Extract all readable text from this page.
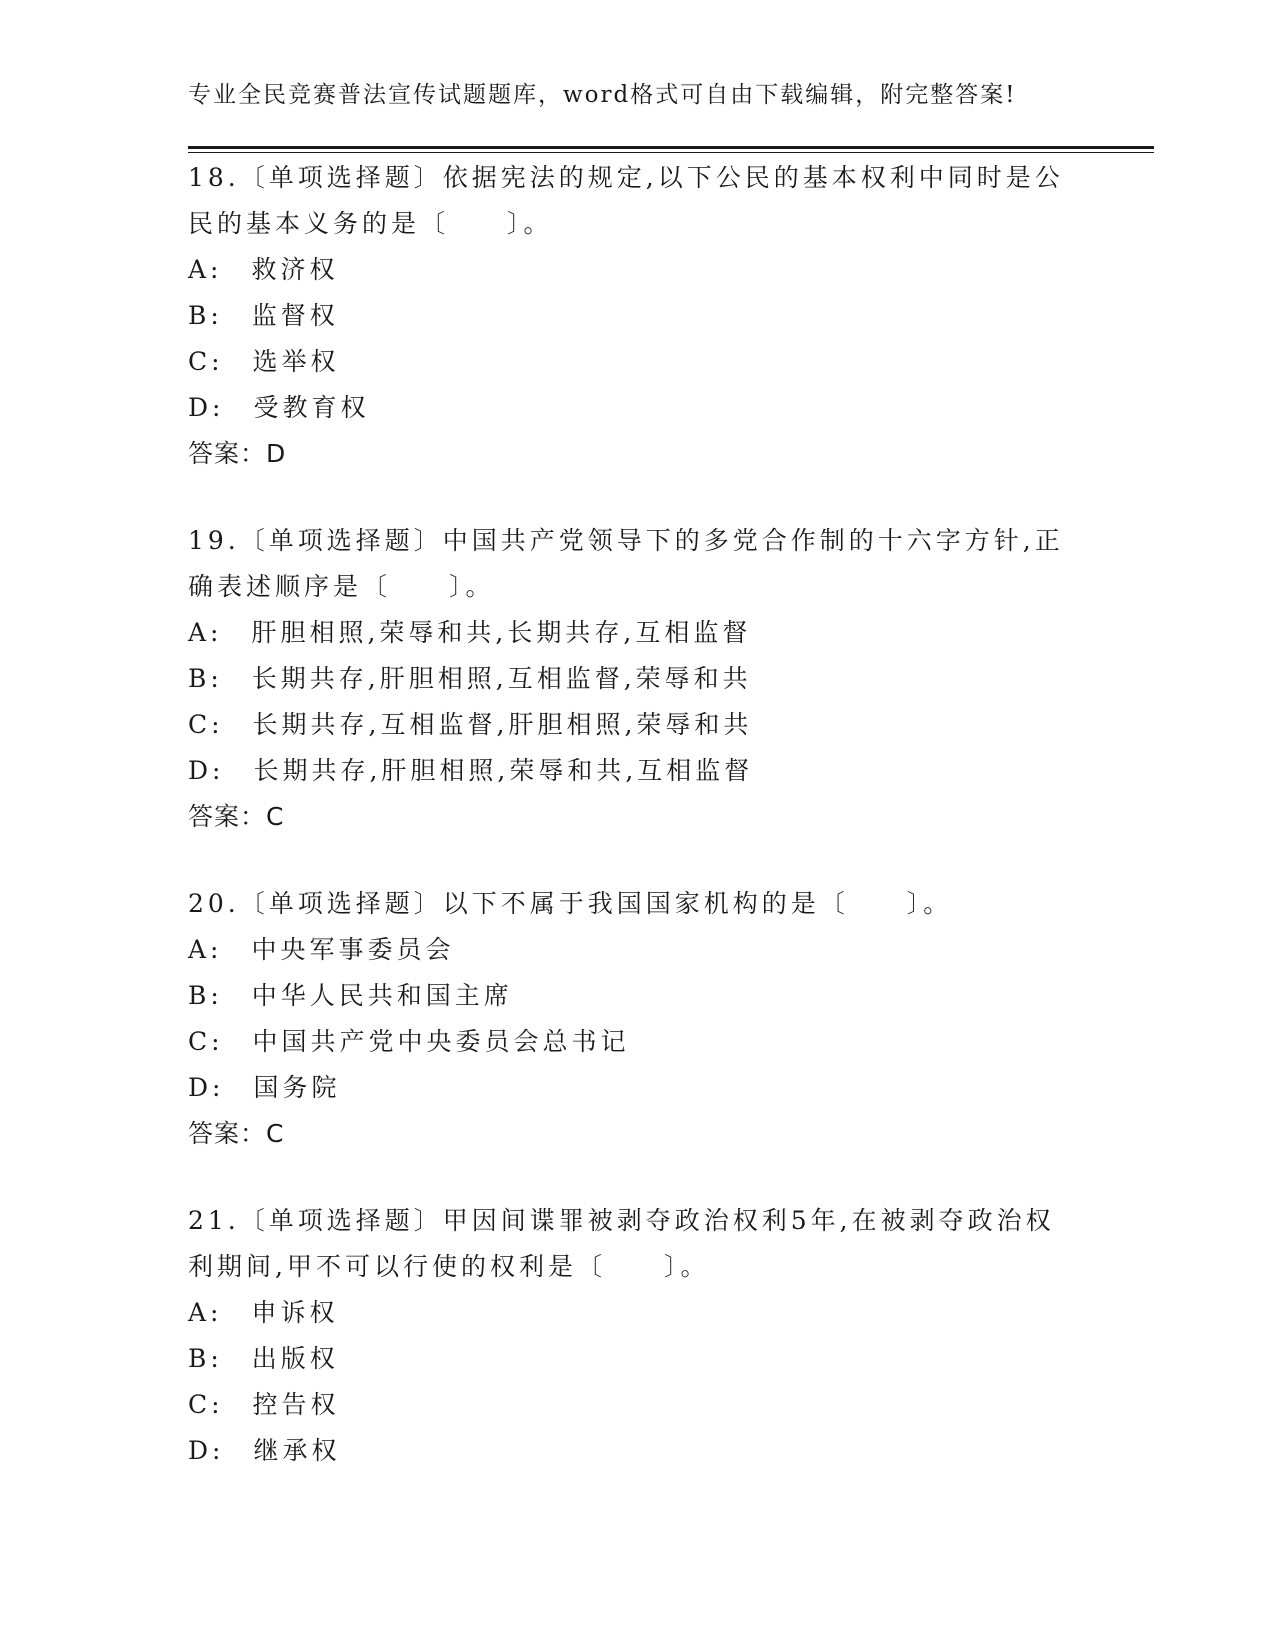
专业全民竞赛普法宣传试题题库，word格式可自由下载编辑，附完整答案!
18.〔单项选择题〕依据宪法的规定,以下公民的基本权利中同时是公
民的基本义务的是〔　　〕。
A:　救济权
B:　监督权
C:　选举权
D:　受教育权
答案：D
19.〔单项选择题〕中国共产党领导下的多党合作制的十六字方针,正
确表述顺序是〔　　〕。
A:　肝胆相照,荣辱和共,长期共存,互相监督
B:　长期共存,肝胆相照,互相监督,荣辱和共
C:　长期共存,互相监督,肝胆相照,荣辱和共
D:　长期共存,肝胆相照,荣辱和共,互相监督
答案：C
20.〔单项选择题〕以下不属于我国国家机构的是〔　　〕。
A:　中央军事委员会
B:　中华人民共和国主席
C:　中国共产党中央委员会总书记
D:　国务院
答案：C
21.〔单项选择题〕甲因间谍罪被剥夺政治权利5年,在被剥夺政治权
利期间,甲不可以行使的权利是〔　　〕。
A:　申诉权
B:　出版权
C:　控告权
D:　继承权
